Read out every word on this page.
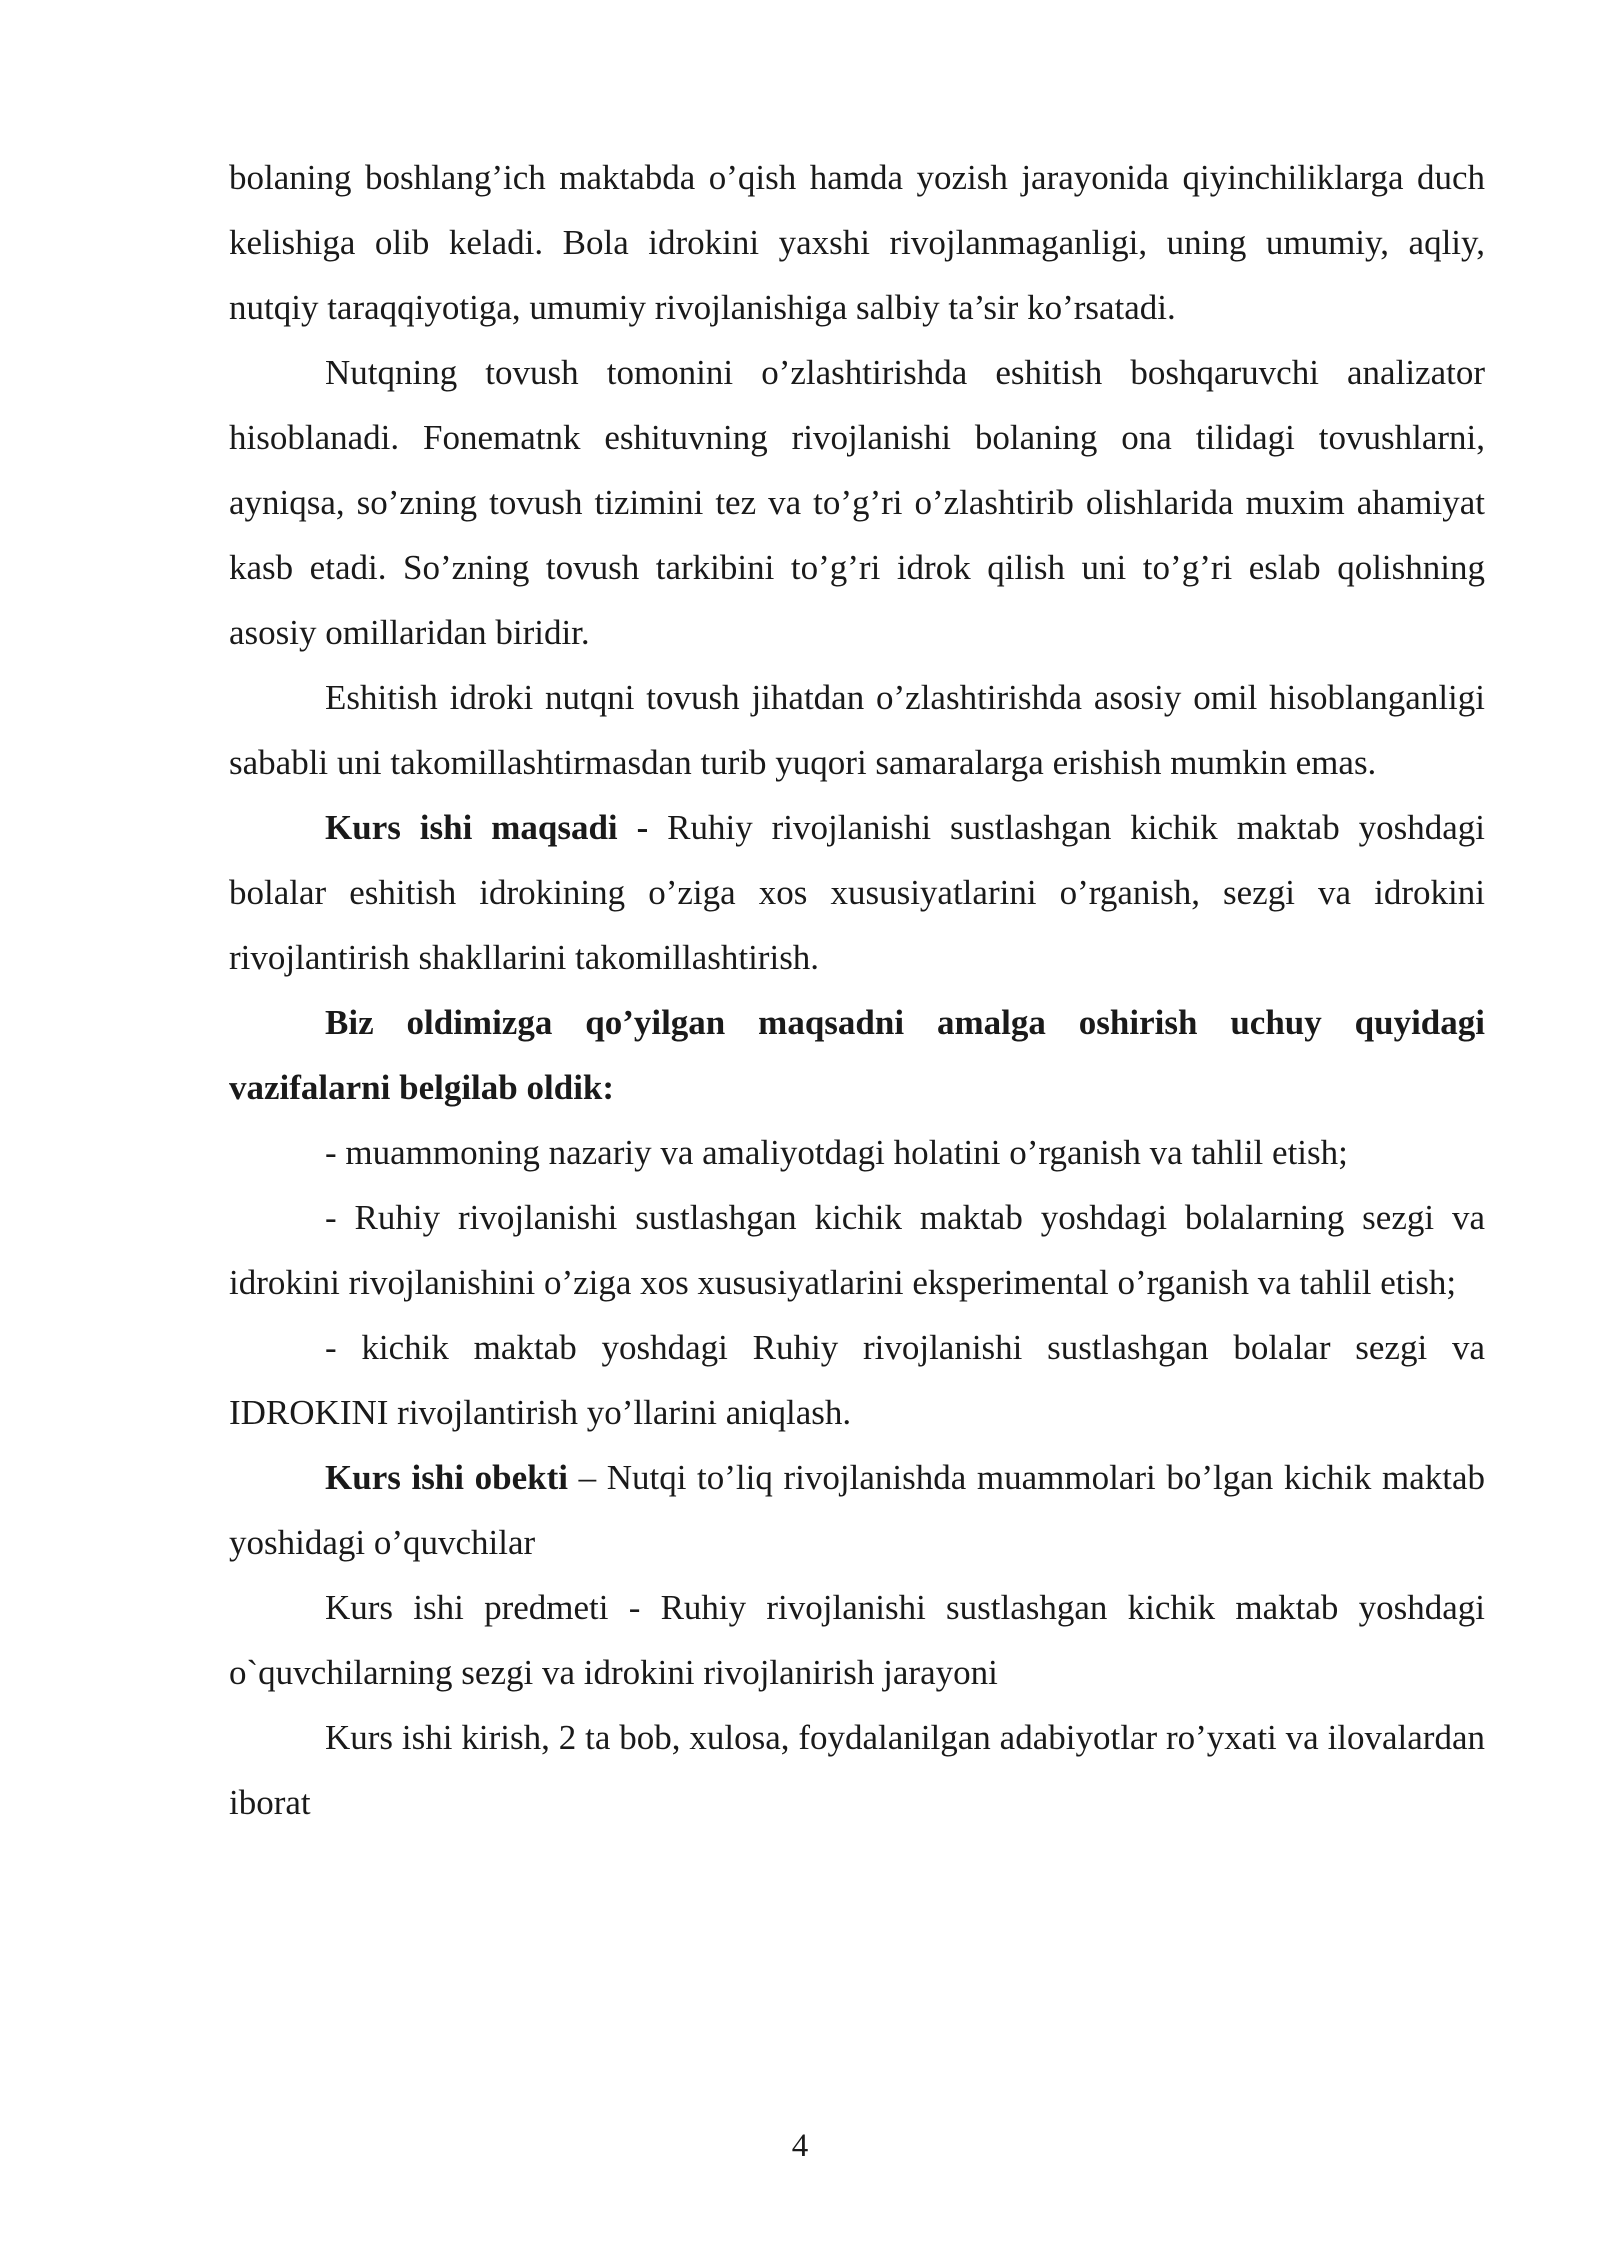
bolaning boshlang’ich maktabda o’qish hamda yozish jarayonida qiyinchiliklarga duch kelishiga olib keladi. Bola idrokini yaxshi rivojlanmaganligi, uning umumiy, aqliy, nutqiy taraqqiyotiga, umumiy rivojlanishiga salbiy ta’sir ko’rsatadi.

Nutqning tovush tomonini o’zlashtirishda eshitish boshqaruvchi analizator hisoblanadi. Fonematnk eshituvning rivojlanishi bolaning ona tilidagi tovushlarni, ayniqsa, so’zning tovush tizimini tez va to’g’ri o’zlashtirib olishlarida muxim ahamiyat kasb etadi. So’zning tovush tarkibini to’g’ri idrok qilish uni to’g’ri eslab qolishning asosiy omillaridan biridir.

Eshitish idroki nutqni tovush jihatdan o’zlashtirishda asosiy omil hisoblanganligi sababli uni takomillashtirmasdan turib yuqori samaralarga erishish mumkin emas.

Kurs ishi maqsadi - Ruhiy rivojlanishi sustlashgan kichik maktab yoshdagi bolalar eshitish idrokining o’ziga xos xususiyatlarini o’rganish, sezgi va idrokini rivojlantirish shakllarini takomillashtirish.

Biz oldimizga qo’yilgan maqsadni amalga oshirish uchuy quyidagi vazifalarni belgilab oldik:

- muammoning nazariy va amaliyotdagi holatini o’rganish va tahlil etish;

- Ruhiy rivojlanishi sustlashgan kichik maktab yoshdagi bolalarning sezgi va idrokini rivojlanishini o’ziga xos xususiyatlarini eksperimental o’rganish va tahlil etish;

- kichik maktab yoshdagi Ruhiy rivojlanishi sustlashgan bolalar sezgi va IDROKINI rivojlantirish yo’llarini aniqlash.

Kurs ishi obekti – Nutqi to’liq rivojlanishda muammolari bo’lgan kichik maktab yoshidagi o’quvchilar

Kurs ishi predmeti - Ruhiy rivojlanishi sustlashgan kichik maktab yoshdagi o`quvchilarning sezgi va idrokini rivojlanirish jarayoni

Kurs ishi kirish, 2 ta bob, xulosa, foydalanilgan adabiyotlar ro’yxati va ilovalardan iborat

4
